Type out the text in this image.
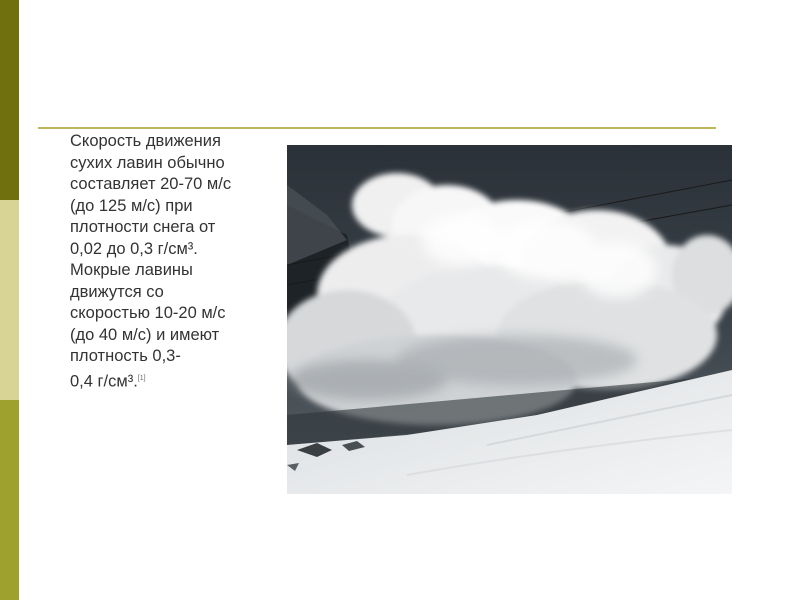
Скорость движения
сухих лавин обычно
составляет 20-70 м/с
(до 125 м/с) при
плотности снега от
0,02 до 0,3 г/см³.
Мокрые лавины
движутся со
скоростью 10-20 м/с
(до 40 м/с) и имеют
плотность 0,3-
0,4 г/см³.[1]
